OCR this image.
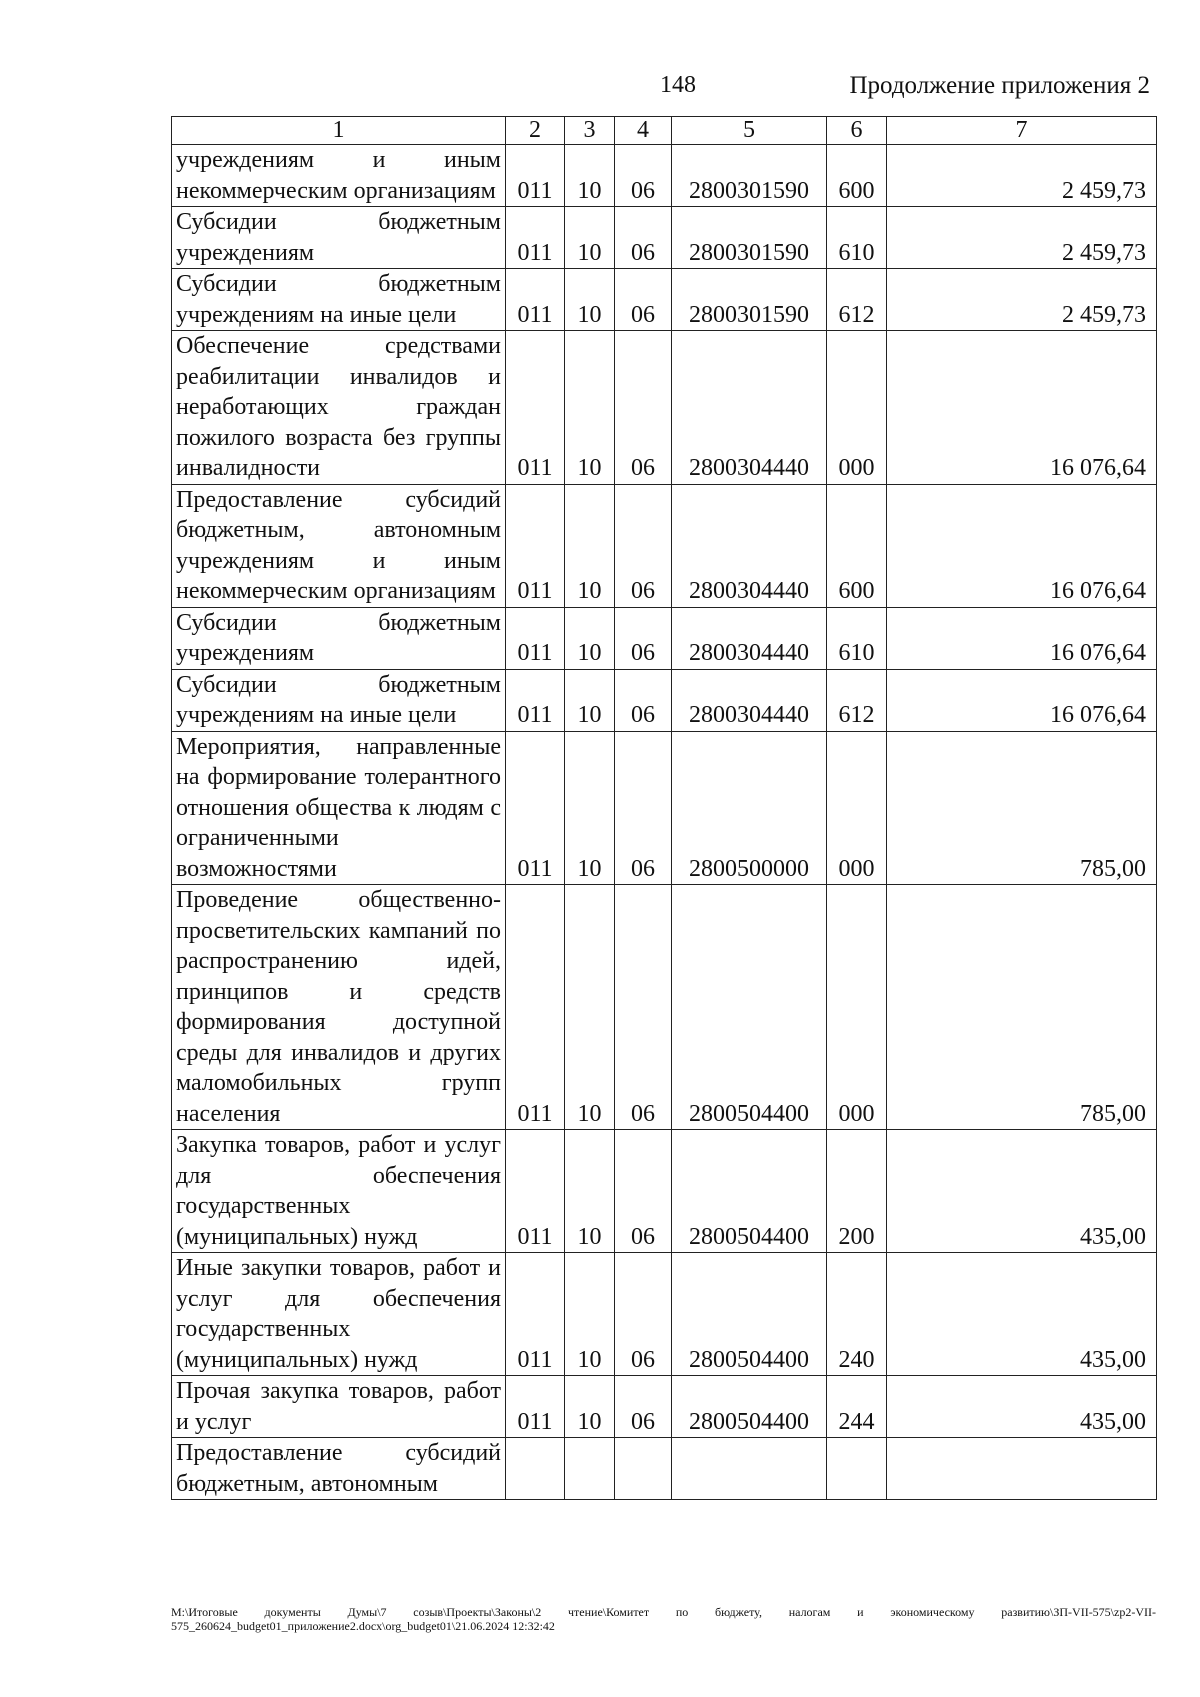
148	Продолжение приложения 2
1	2	3	4	5	6	7
учреждениям и иным некоммерческим организациям	011	10	06	2800301590	600	2 459,73
Субсидии бюджетным учреждениям	011	10	06	2800301590	610	2 459,73
Субсидии бюджетным учреждениям на иные цели	011	10	06	2800301590	612	2 459,73
Обеспечение средствами реабилитации инвалидов и неработающих граждан пожилого возраста без группы инвалидности	011	10	06	2800304440	000	16 076,64
Предоставление субсидий бюджетным, автономным учреждениям и иным некоммерческим организациям	011	10	06	2800304440	600	16 076,64
Субсидии бюджетным учреждениям	011	10	06	2800304440	610	16 076,64
Субсидии бюджетным учреждениям на иные цели	011	10	06	2800304440	612	16 076,64
Мероприятия, направленные на формирование толерантного отношения общества к людям с ограниченными возможностями	011	10	06	2800500000	000	785,00
Проведение общественно-просветительских кампаний по распространению идей, принципов и средств формирования доступной среды для инвалидов и других маломобильных групп населения	011	10	06	2800504400	000	785,00
Закупка товаров, работ и услуг для обеспечения государственных (муниципальных) нужд	011	10	06	2800504400	200	435,00
Иные закупки товаров, работ и услуг для обеспечения государственных (муниципальных) нужд	011	10	06	2800504400	240	435,00
Прочая закупка товаров, работ и услуг	011	10	06	2800504400	244	435,00
Предоставление субсидий бюджетным, автономным						
M:\Итоговые документы Думы\7 созыв\Проекты\Законы\2 чтение\Комитет по бюджету, налогам и экономическому развитию\ЗП-VII-575\zp2-VII-575_260624_budget01_приложение2.docx\org_budget01\21.06.2024 12:32:42
